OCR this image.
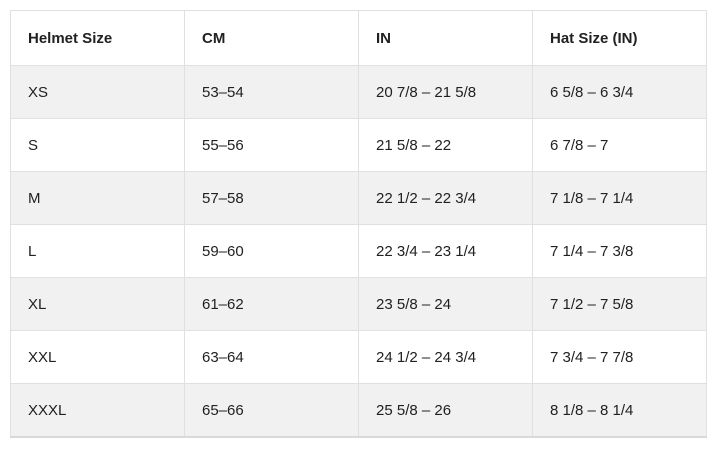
Helmet Size	CM	IN	Hat Size (IN)
XS	53–54	20 7/8 – 21 5/8	6 5/8 – 6 3/4
S	55–56	21 5/8 – 22	6 7/8 – 7
M	57–58	22 1/2 – 22 3/4	7 1/8 – 7 1/4
L	59–60	22 3/4 – 23 1/4	7 1/4 – 7 3/8
XL	61–62	23 5/8 – 24	7 1/2 – 7 5/8
XXL	63–64	24 1/2 – 24 3/4	7 3/4 – 7 7/8
XXXL	65–66	25 5/8 – 26	8 1/8 – 8 1/4
